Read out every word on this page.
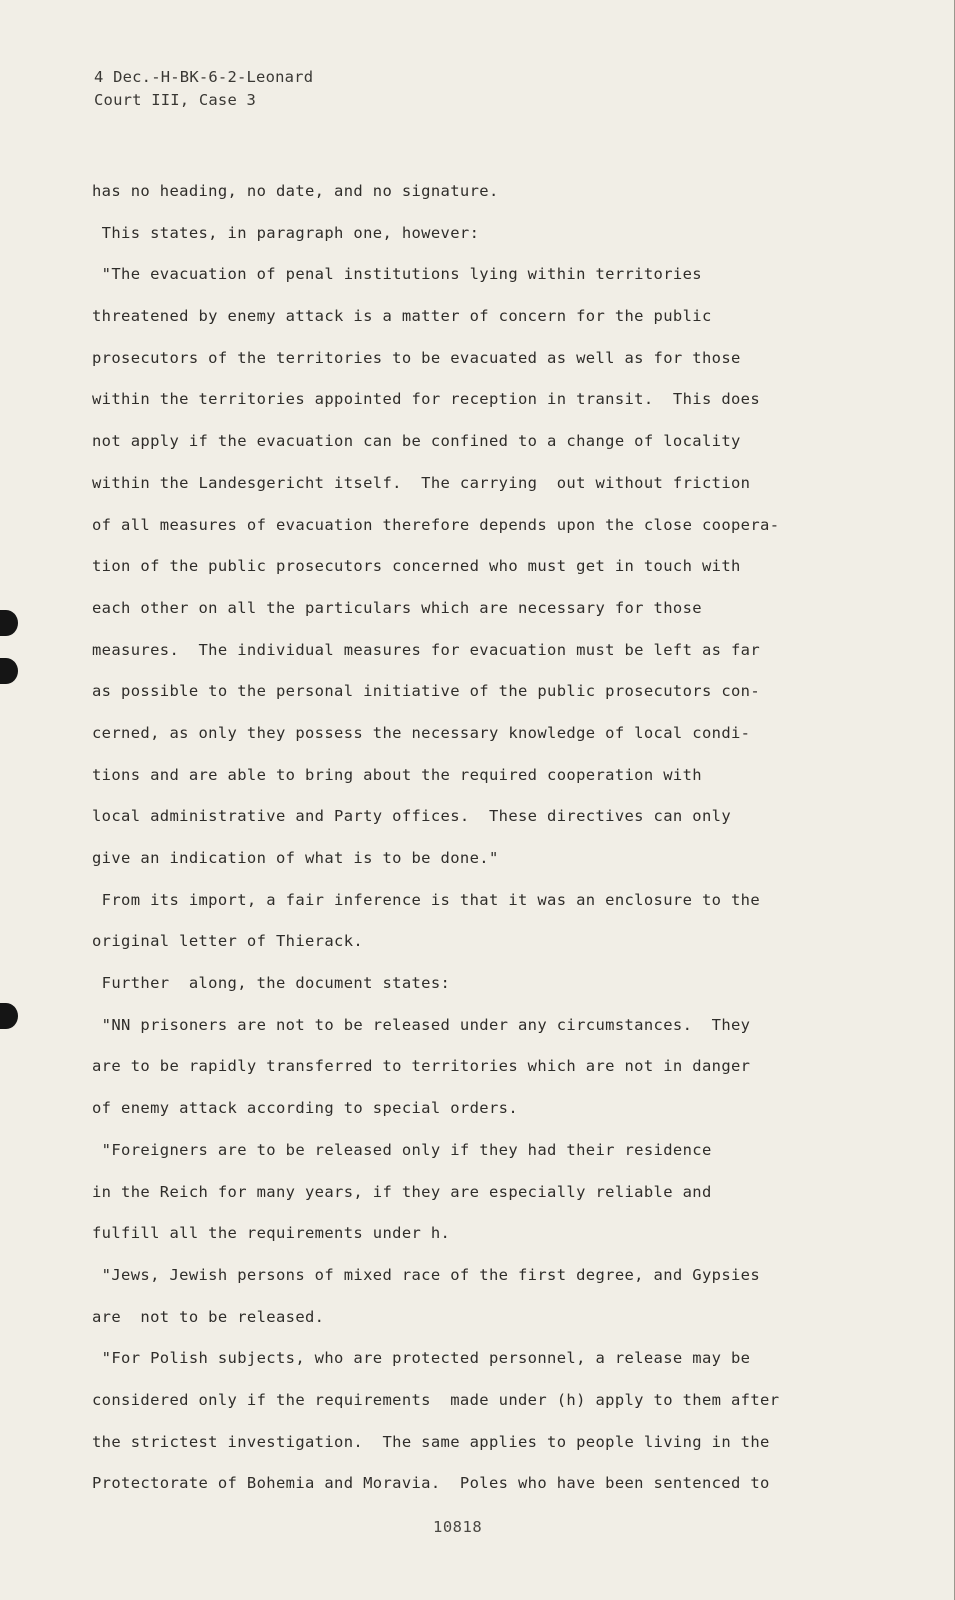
4 Dec.-H-BK-6-2-Leonard
Court III, Case 3
has no heading, no date, and no signature.
This states, in paragraph one, however:
"The evacuation of penal institutions lying within territories
threatened by enemy attack is a matter of concern for the public
prosecutors of the territories to be evacuated as well as for those
within the territories appointed for reception in transit.  This does
not apply if the evacuation can be confined to a change of locality
within the Landesgericht itself.  The carrying  out without friction
of all measures of evacuation therefore depends upon the close coopera-
tion of the public prosecutors concerned who must get in touch with
each other on all the particulars which are necessary for those
measures.  The individual measures for evacuation must be left as far
as possible to the personal initiative of the public prosecutors con-
cerned, as only they possess the necessary knowledge of local condi-
tions and are able to bring about the required cooperation with
local administrative and Party offices.  These directives can only
give an indication of what is to be done."
From its import, a fair inference is that it was an enclosure to the
original letter of Thierack.
Further  along, the document states:
"NN prisoners are not to be released under any circumstances.  They
are to be rapidly transferred to territories which are not in danger
of enemy attack according to special orders.
"Foreigners are to be released only if they had their residence
in the Reich for many years, if they are especially reliable and
fulfill all the requirements under h.
"Jews, Jewish persons of mixed race of the first degree, and Gypsies
are  not to be released.
"For Polish subjects, who are protected personnel, a release may be
considered only if the requirements  made under (h) apply to them after
the strictest investigation.  The same applies to people living in the
Protectorate of Bohemia and Moravia.  Poles who have been sentenced to
10818
